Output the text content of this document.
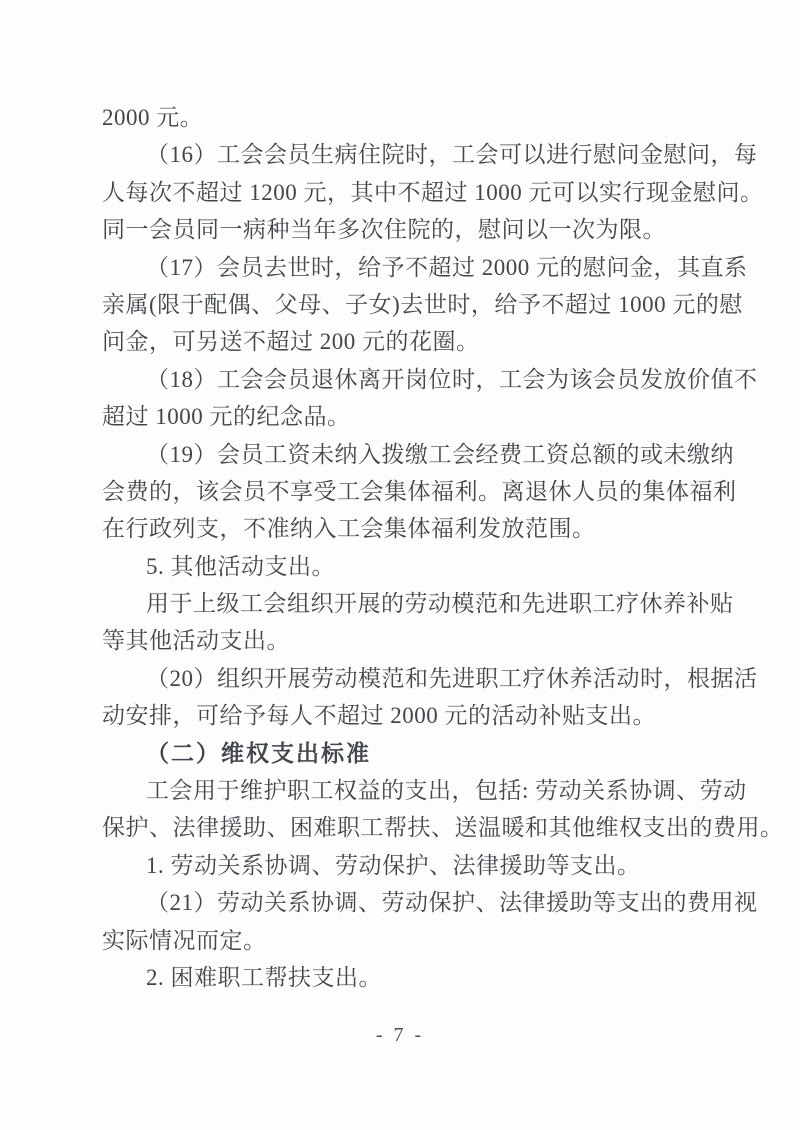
2000 元。
（16）工会会员生病住院时，工会可以进行慰问金慰问，每
人每次不超过 1200 元，其中不超过 1000 元可以实行现金慰问。
同一会员同一病种当年多次住院的，慰问以一次为限。
（17）会员去世时，给予不超过 2000 元的慰问金，其直系
亲属(限于配偶、父母、子女)去世时，给予不超过 1000 元的慰
问金，可另送不超过 200 元的花圈。
（18）工会会员退休离开岗位时，工会为该会员发放价值不
超过 1000 元的纪念品。
（19）会员工资未纳入拨缴工会经费工资总额的或未缴纳
会费的，该会员不享受工会集体福利。离退休人员的集体福利
在行政列支，不准纳入工会集体福利发放范围。
5. 其他活动支出。
用于上级工会组织开展的劳动模范和先进职工疗休养补贴
等其他活动支出。
（20）组织开展劳动模范和先进职工疗休养活动时，根据活
动安排，可给予每人不超过 2000 元的活动补贴支出。
（二）维权支出标准
工会用于维护职工权益的支出，包括: 劳动关系协调、劳动
保护、法律援助、困难职工帮扶、送温暖和其他维权支出的费用。
1. 劳动关系协调、劳动保护、法律援助等支出。
（21）劳动关系协调、劳动保护、法律援助等支出的费用视
实际情况而定。
2. 困难职工帮扶支出。
- 7 -
